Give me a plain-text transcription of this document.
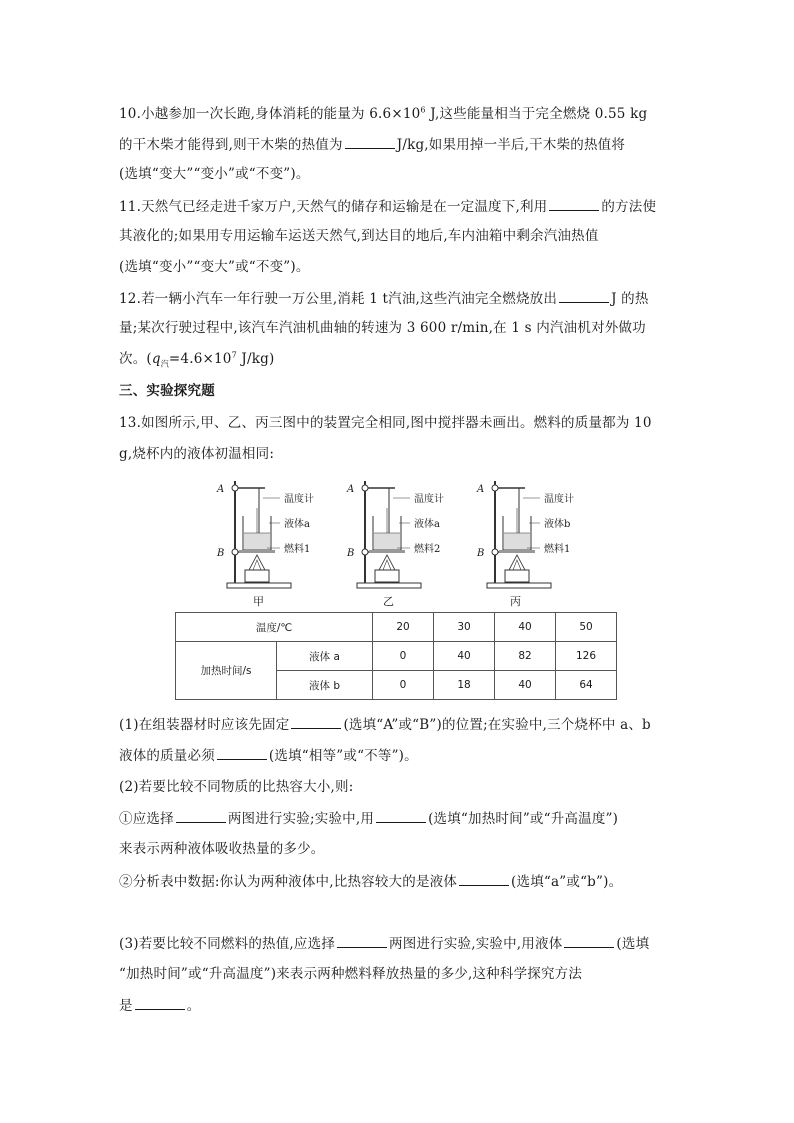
10.小越参加一次长跑,身体消耗的能量为 $6.6\times 10^6$ J,这些能量相当于完全燃烧 0.55 kg
的干木柴才能得到,则干木柴的热值为	J/kg,如果用掉一半后,干木柴的热值将
(选填“变大”“变小”或“不变”)。
11.天然气已经走进千家万户,天然气的储存和运输是在一定温度下,利用	的方法使
其液化的;如果用专用运输车运送天然气,到达目的地后,车内油箱中剩余汽油热值
(选填“变小”“变大”或“不变”)。
12.若一辆小汽车一年行驶一万公里,消耗 1 t汽油,这些汽油完全燃烧放出	J 的热
量;某次行驶过程中,该汽车汽油机曲轴的转速为 3 600 r/min,在 1 s 内汽油机对外做功
次。($q_汽=4.6\times 10^7$ J/kg)
三、实验探究题
13.如图所示,甲、乙、丙三图中的装置完全相同,图中搅拌器未画出。燃料的质量都为 10
g,烧杯内的液体初温相同:
A
B
温度计
液体a
燃料1
A
B
温度计
液体a
燃料2
A
B
温度计
液体b
燃料1
甲	乙	丙
温度/℃		20	30	40	50
加热时间/s	液体 a	0	40	82	126
	液体 b	0	18	40	64
(1)在组装器材时应该先固定	(选填“A”或“B”)的位置;在实验中,三个烧杯中 a、b
液体的质量必须	(选填“相等”或“不等”)。
(2)若要比较不同物质的比热容大小,则:
①应选择	两图进行实验;实验中,用	(选填“加热时间”或“升高温度”)
来表示两种液体吸收热量的多少。
②分析表中数据:你认为两种液体中,比热容较大的是液体	(选填“a”或“b”)。
(3)若要比较不同燃料的热值,应选择	两图进行实验,实验中,用液体	(选填
“加热时间”或“升高温度”)来表示两种燃料释放热量的多少,这种科学探究方法
是	。
